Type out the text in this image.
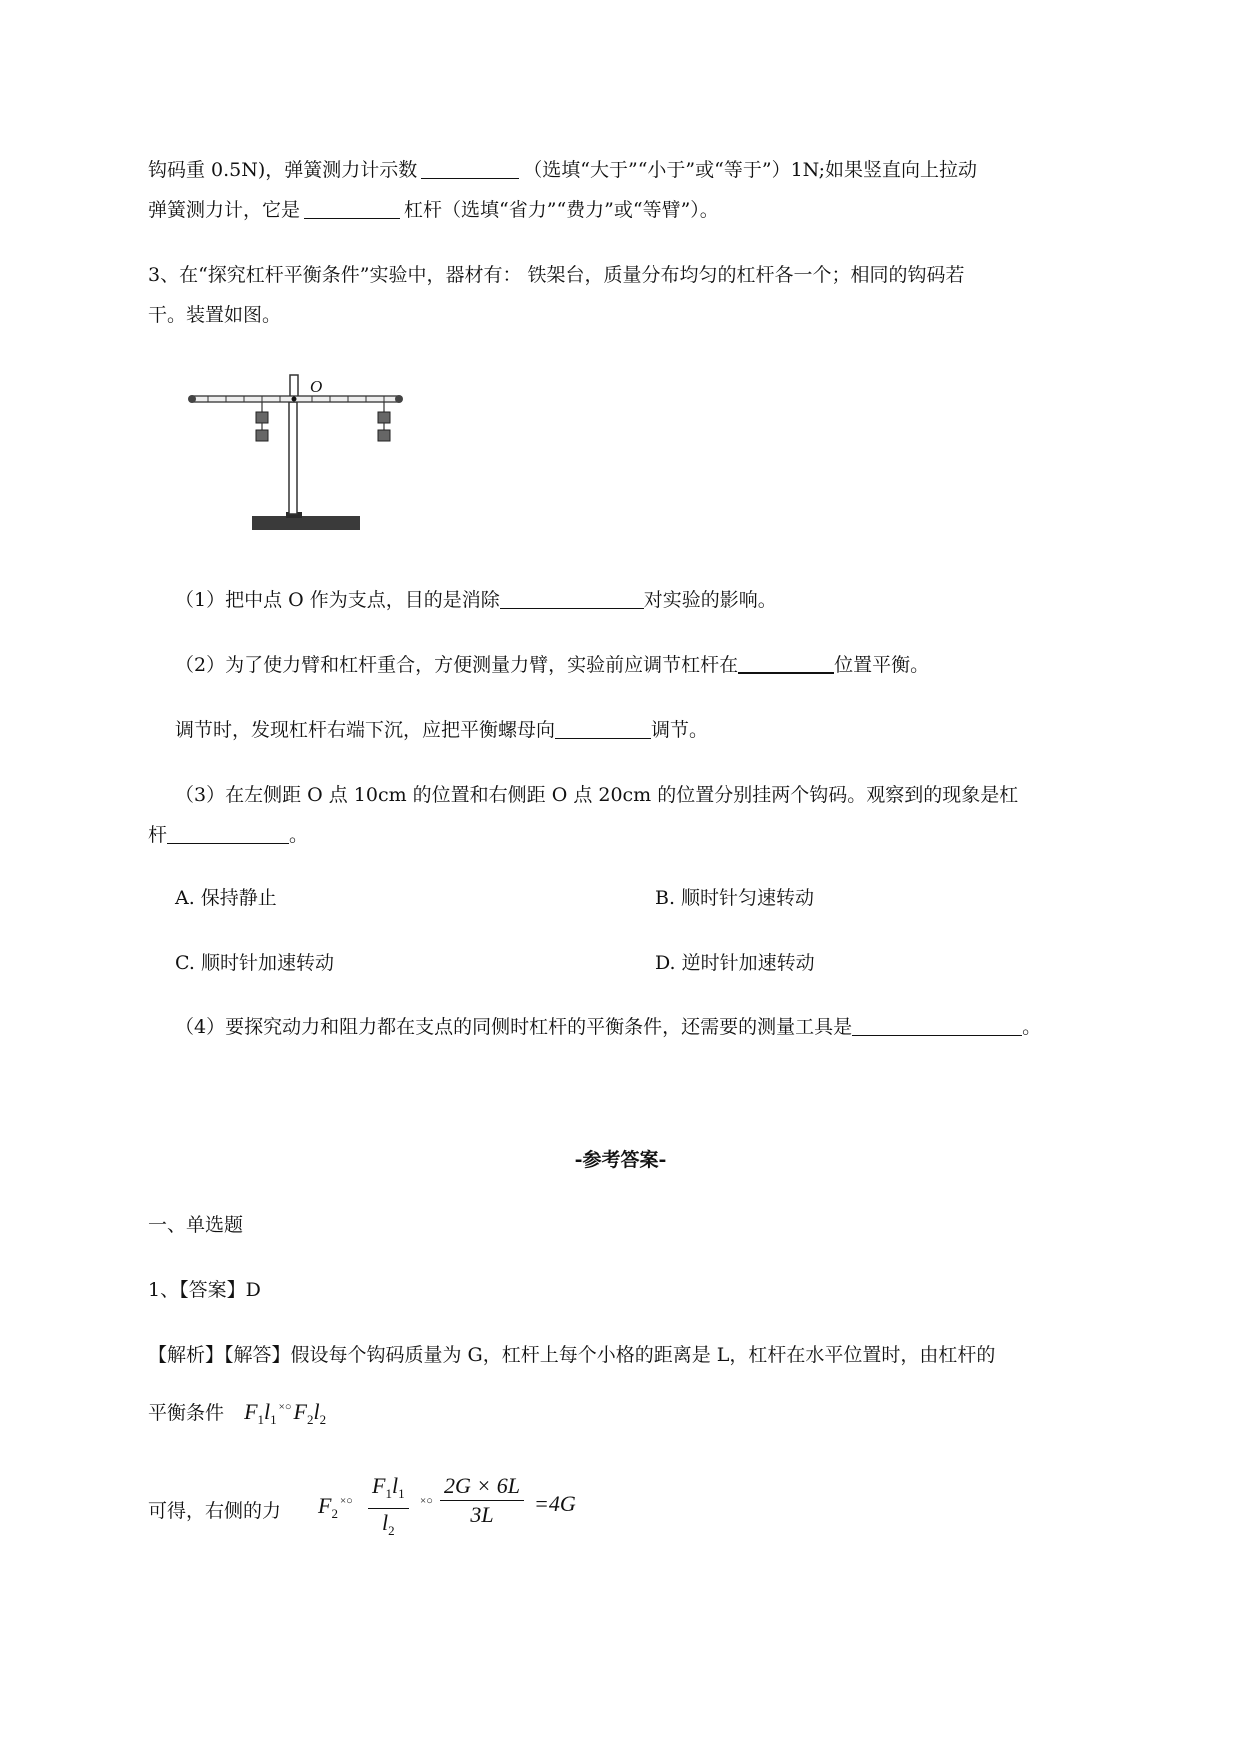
钩码重 0.5N)，弹簧测力计示数	（选填“大于”“小于”或“等于”）1N;如果竖直向上拉动
弹簧测力计，它是	杠杆（选填“省力”“费力”或“等臂”）。
3、在“探究杠杆平衡条件”实验中，器材有： 铁架台，质量分布均匀的杠杆各一个；相同的钩码若
干。装置如图。
O
（1）把中点 O 作为支点，目的是消除	对实验的影响。
（2）为了使力臂和杠杆重合，方便测量力臂，实验前应调节杠杆在	位置平衡。
调节时，发现杠杆右端下沉，应把平衡螺母向	调节。
（3）在左侧距 O 点 10cm 的位置和右侧距 O 点 20cm 的位置分别挂两个钩码。观察到的现象是杠
杆	。
A. 保持静止	B. 顺时针匀速转动
C. 顺时针加速转动	D. 逆时针加速转动
（4）要探究动力和阻力都在支点的同侧时杠杆的平衡条件，还需要的测量工具是	。
-参考答案-
一、单选题
1、【答案】D
【解析】【解答】假设每个钩码质量为 G，杠杆上每个小格的距离是 L，杠杆在水平位置时，由杠杆的
平衡条件 $F_1l_1^{\times○}F_2l_2$
可得，右侧的力 $F_2^{\times○} \frac{F_1l_1}{l_2} ^{\times○} \frac{2G \times 6L}{3L} =4G$
